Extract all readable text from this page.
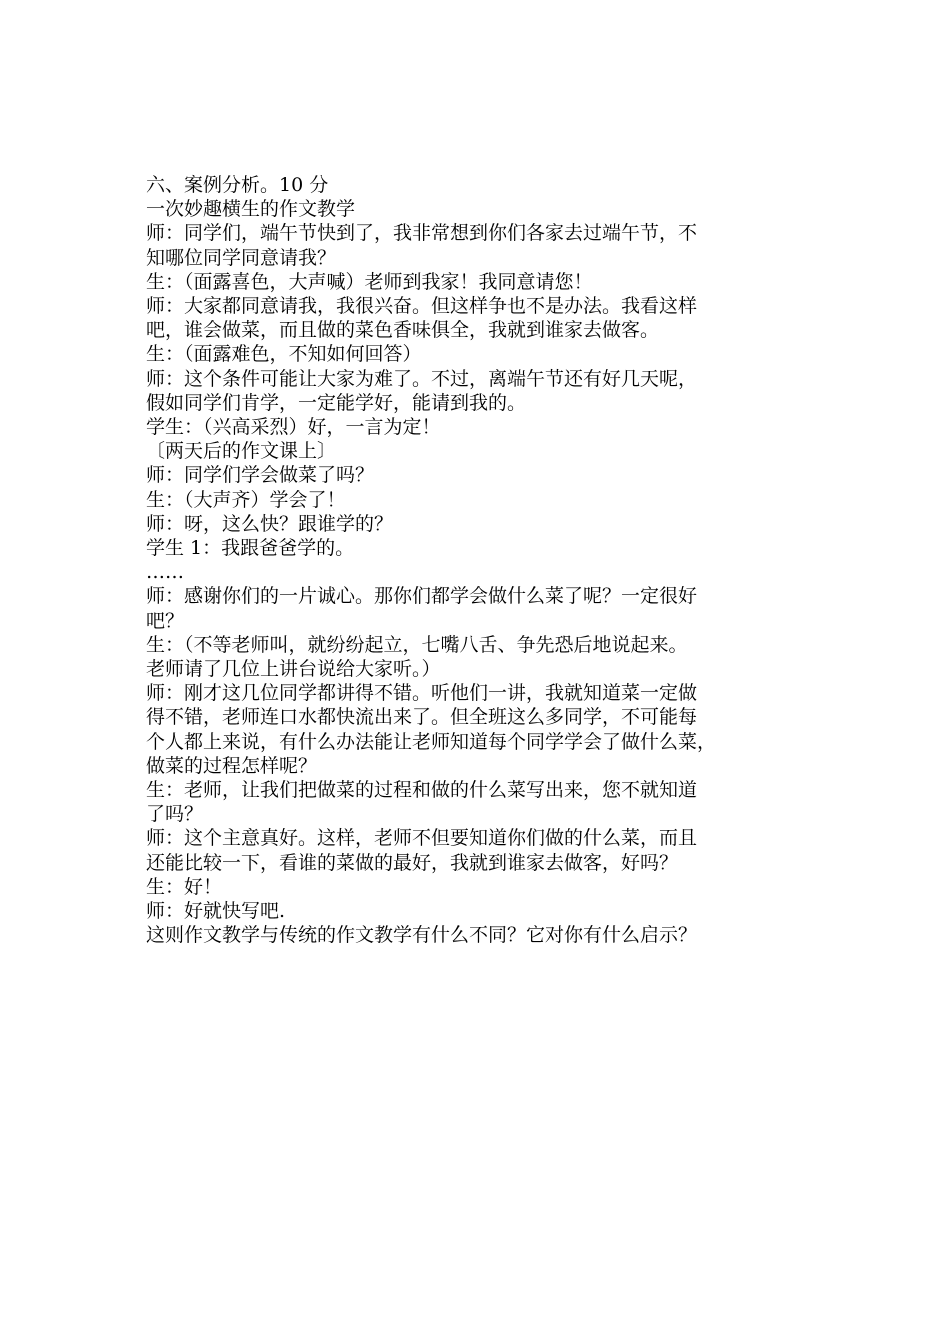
六、案例分析。10 分

一次妙趣横生的作文教学

师：同学们，端午节快到了，我非常想到你们各家去过端午节，不

知哪位同学同意请我？

生：（面露喜色，大声喊）老师到我家！我同意请您！

师：大家都同意请我，我很兴奋。但这样争也不是办法。我看这样

吧，谁会做菜，而且做的菜色香味俱全，我就到谁家去做客。

生：（面露难色，不知如何回答）

师：这个条件可能让大家为难了。不过，离端午节还有好几天呢，

假如同学们肯学，一定能学好，能请到我的。

学生：（兴高采烈）好，一言为定！

〔两天后的作文课上〕

师：同学们学会做菜了吗？

生：（大声齐）学会了！

师：呀，这么快？跟谁学的？

学生 1：我跟爸爸学的。

……

师：感谢你们的一片诚心。那你们都学会做什么菜了呢？一定很好

吧？

生：（不等老师叫，就纷纷起立，七嘴八舌、争先恐后地说起来。

老师请了几位上讲台说给大家听。）

师：刚才这几位同学都讲得不错。听他们一讲，我就知道菜一定做

得不错，老师连口水都快流出来了。但全班这么多同学，不可能每

个人都上来说，有什么办法能让老师知道每个同学学会了做什么菜，

做菜的过程怎样呢？

生：老师，让我们把做菜的过程和做的什么菜写出来，您不就知道

了吗？

师：这个主意真好。这样，老师不但要知道你们做的什么菜，而且

还能比较一下，看谁的菜做的最好，我就到谁家去做客，好吗？

生：好！

师：好就快写吧.

这则作文教学与传统的作文教学有什么不同？它对你有什么启示？
